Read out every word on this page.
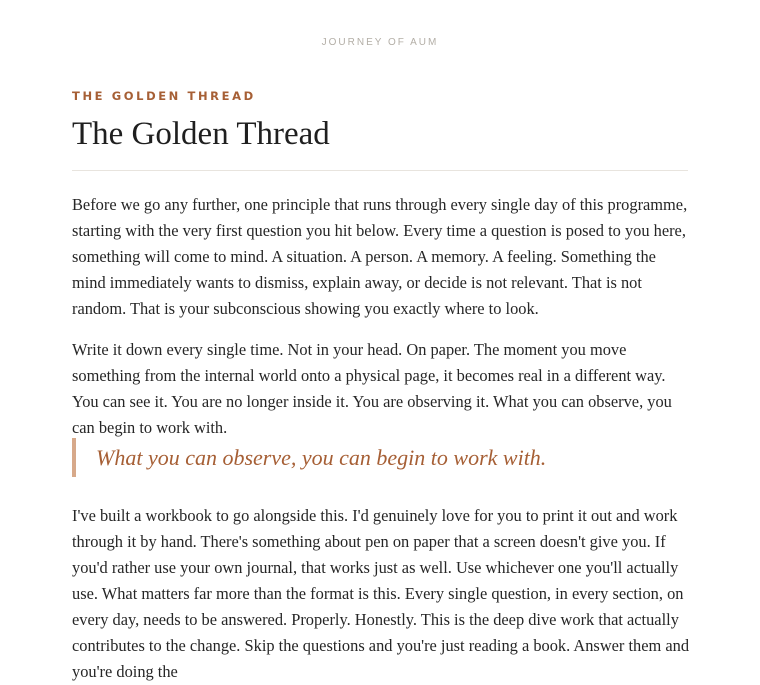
JOURNEY OF AUM
THE GOLDEN THREAD
The Golden Thread

Before we go any further, one principle that runs through every single day of this programme, starting with the very first question you hit below. Every time a question is posed to you here, something will come to mind. A situation. A person. A memory. A feeling. Something the mind immediately wants to dismiss, explain away, or decide is not relevant. That is not random. That is your subconscious showing you exactly where to look.

Write it down every single time. Not in your head. On paper. The moment you move something from the internal world onto a physical page, it becomes real in a different way. You can see it. You are no longer inside it. You are observing it. What you can observe, you can begin to work with.

What you can observe, you can begin to work with.

I've built a workbook to go alongside this. I'd genuinely love for you to print it out and work through it by hand. There's something about pen on paper that a screen doesn't give you. If you'd rather use your own journal, that works just as well. Use whichever one you'll actually use. What matters far more than the format is this. Every single question, in every section, on every day, needs to be answered. Properly. Honestly. This is the deep dive work that actually contributes to the change. Skip the questions and you're just reading a book. Answer them and you're doing the
